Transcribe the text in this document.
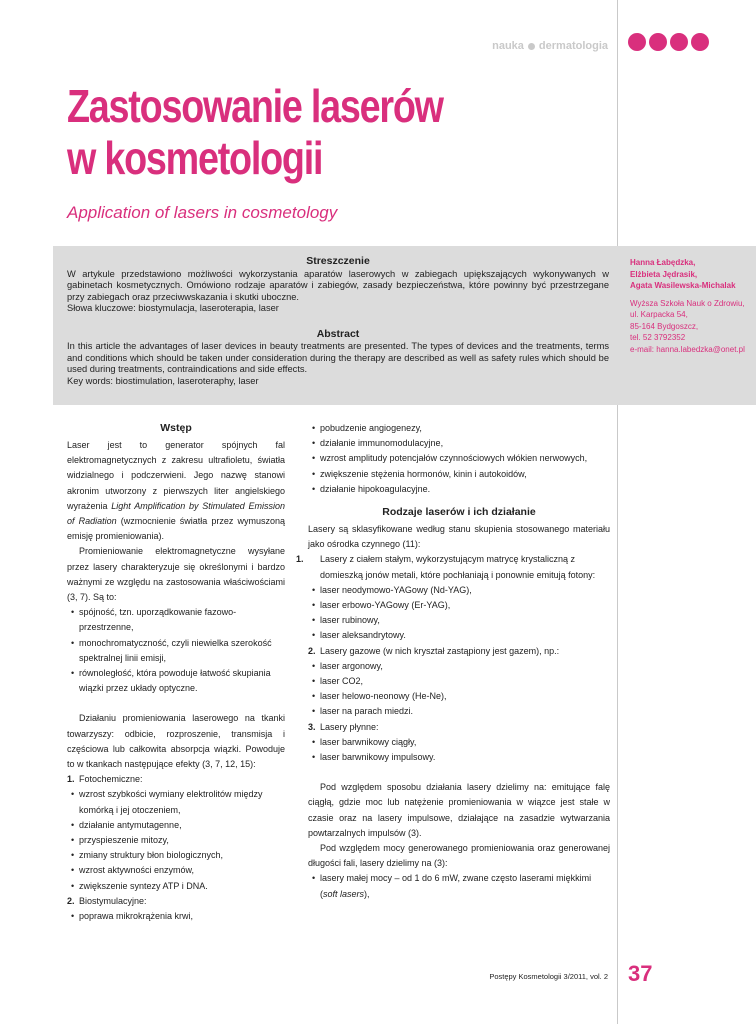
nauka dermatologia
Zastosowanie laserów
w kosmetologii
Application of lasers in cosmetology
Streszczenie

W artykule przedstawiono możliwości wykorzystania aparatów laserowych w zabiegach upiększających wykonywanych w gabinetach kosmetycznych. Omówiono rodzaje aparatów i zabiegów, zasady bezpieczeństwa, które powinny być przestrzegane przy zabiegach oraz przeciwwskazania i skutki uboczne.

Słowa kluczowe: biostymulacja, laseroterapia, laser

Abstract

In this article the advantages of laser devices in beauty treatments are presented. The types of devices and the treatments, terms and conditions which should be taken under consideration during the therapy are described as well as safety rules which should be used during treatments, contraindications and side effects.

Key words: biostimulation, laseroteraphy, laser

Hanna Łabędzka,
Elżbieta Jędrasik,
Agata Wasilewska-Michalak
Wyższa Szkoła Nauk o Zdrowiu,
ul. Karpacka 54,
85-164 Bydgoszcz,
tel. 52 3792352
e-mail: hanna.labedzka@onet.pl
Wstęp

Laser jest to generator spójnych fal elektromagnetycznych z zakresu ultrafioletu, światła widzialnego i podczerwieni. Jego nazwę stanowi akronim utworzony z pierwszych liter angielskiego wyrażenia Light Amplification by Stimulated Emission of Radiation (wzmocnienie światła przez wymuszoną emisję promieniowania).

Promieniowanie elektromagnetyczne wysyłane przez lasery charakteryzuje się określonymi i bardzo ważnymi ze względu na zastosowania właściwościami (3, 7). Są to:

• spójność, tzn. uporządkowanie fazowo-przestrzenne,
• monochromatyczność, czyli niewielka szerokość spektralnej linii emisji,
• równoległość, która powoduje łatwość skupiania wiązki przez układy optyczne.

Działaniu promieniowania laserowego na tkanki towarzyszy: odbicie, rozproszenie, transmisja i częściowa lub całkowita absorpcja wiązki. Powoduje to w tkankach następujące efekty (3, 7, 12, 15):

1. Fotochemiczne:
• wzrost szybkości wymiany elektrolitów między komórką i jej otoczeniem,
• działanie antymutagenne,
• przyspieszenie mitozy,
• zmiany struktury błon biologicznych,
• wzrost aktywności enzymów,
• zwiększenie syntezy ATP i DNA.
2. Biostymulacyjne:
• poprawa mikrokrążenia krwi,
• pobudzenie angiogenezy,
• działanie immunomodulacyjne,
• wzrost amplitudy potencjałów czynnościowych włókien nerwowych,
• zwiększenie stężenia hormonów, kinin i autokoidów,
• działanie hipokoagulacyjne.
Rodzaje laserów i ich działanie

Lasery są sklasyfikowane według stanu skupienia stosowanego materiału jako ośrodka czynnego (11):

1. Lasery z ciałem stałym, wykorzystującym matrycę krystaliczną z domieszką jonów metali, które pochłaniają i ponownie emitują fotony:
• laser neodymowo-YAGowy (Nd-YAG),
• laser erbowo-YAGowy (Er-YAG),
• laser rubinowy,
• laser aleksandrytowy.
2. Lasery gazowe (w nich kryształ zastąpiony jest gazem), np.:
• laser argonowy,
• laser CO2,
• laser helowo-neonowy (He-Ne),
• laser na parach miedzi.
3. Lasery płynne:
• laser barwnikowy ciągły,
• laser barwnikowy impulsowy.

Pod względem sposobu działania lasery dzielimy na: emitujące falę ciągłą, gdzie moc lub natężenie promieniowania w wiązce jest stałe w czasie oraz na lasery impulsowe, działające na zasadzie wytwarzania powtarzalnych impulsów (3).

Pod względem mocy generowanego promieniowania oraz generowanej długości fali, lasery dzielimy na (3):

• lasery małej mocy – od 1 do 6 mW, zwane często laserami miękkimi (soft lasers),
Postępy Kosmetologii 3/2011, vol. 2 37
